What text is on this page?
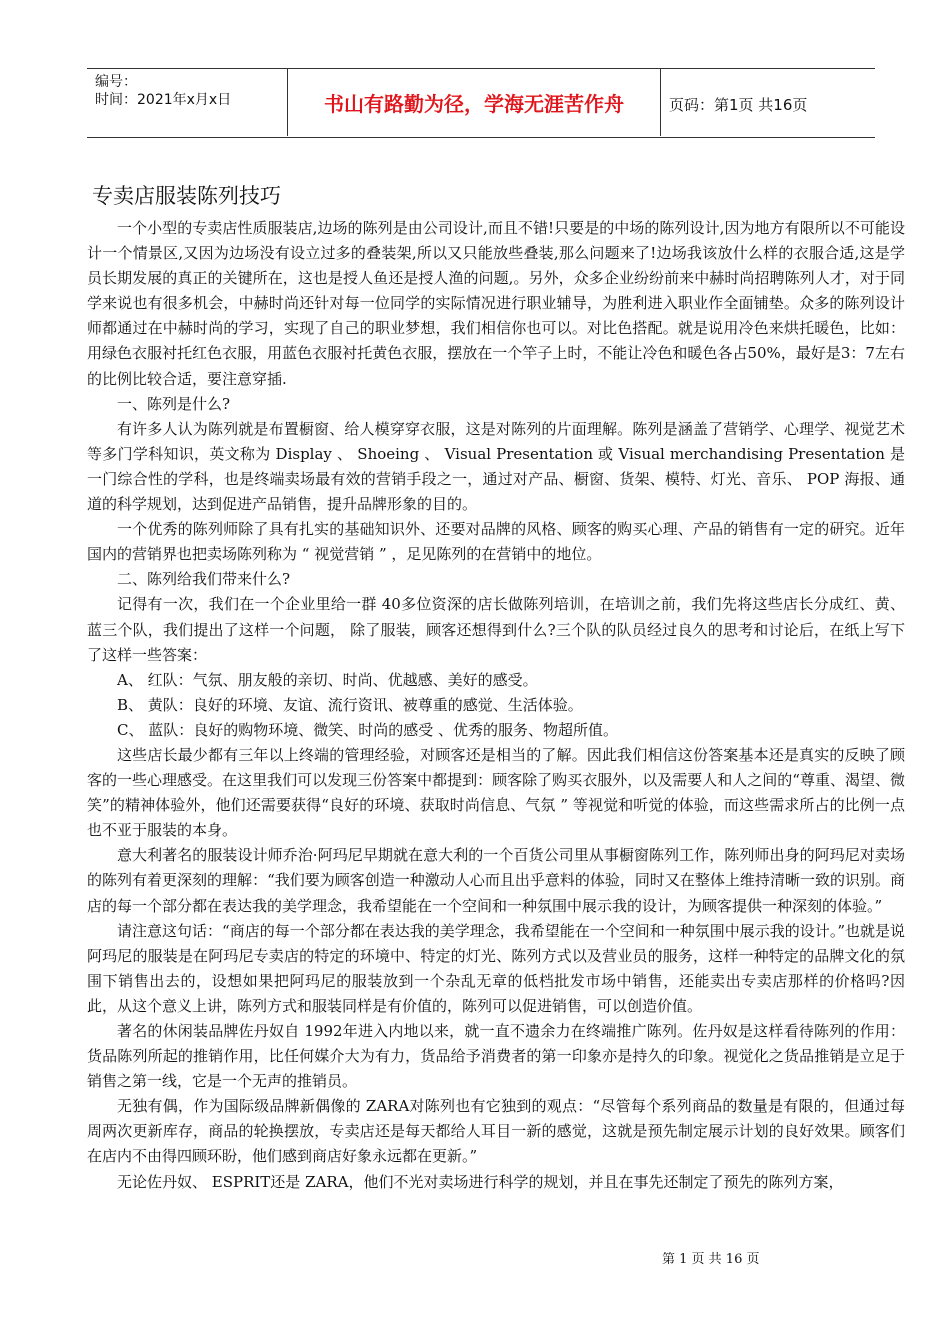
编号：
时间：2021年x月x日	书山有路勤为径，学海无涯苦作舟	页码：第1页 共16页
专卖店服装陈列技巧

一个小型的专卖店性质服装店,边场的陈列是由公司设计,而且不错!只要是的中场的陈列设计,因为地方有限所以不可能设计一个情景区,又因为边场没有设立过多的叠装架,所以又只能放些叠装,那么问题来了!边场我该放什么样的衣服合适,这是学员长期发展的真正的关键所在，这也是授人鱼还是授人渔的问题,。另外，众多企业纷纷前来中赫时尚招聘陈列人才，对于同学来说也有很多机会，中赫时尚还针对每一位同学的实际情况进行职业辅导，为胜利进入职业作全面铺垫。众多的陈列设计师都通过在中赫时尚的学习，实现了自己的职业梦想，我们相信你也可以。对比色搭配。就是说用冷色来烘托暖色，比如：用绿色衣服衬托红色衣服，用蓝色衣服衬托黄色衣服，摆放在一个竿子上时，不能让冷色和暖色各占50%，最好是3：7左右的比例比较合适，要注意穿插.

一、陈列是什么?

有许多人认为陈列就是布置橱窗、给人模穿穿衣服，这是对陈列的片面理解。陈列是涵盖了营销学、心理学、视觉艺术等多门学科知识，英文称为 Display 、 Shoeing 、 Visual Presentation 或 Visual merchandising Presentation 是一门综合性的学科，也是终端卖场最有效的营销手段之一，通过对产品、橱窗、货架、模特、灯光、音乐、 POP 海报、通道的科学规划，达到促进产品销售，提升品牌形象的目的。

一个优秀的陈列师除了具有扎实的基础知识外、还要对品牌的风格、顾客的购买心理、产品的销售有一定的研究。近年国内的营销界也把卖场陈列称为 “ 视觉营销 ” ，足见陈列的在营销中的地位。

二、陈列给我们带来什么?

记得有一次，我们在一个企业里给一群 40多位资深的店长做陈列培训，在培训之前，我们先将这些店长分成红、黄、蓝三个队，我们提出了这样一个问题， 除了服装，顾客还想得到什么?三个队的队员经过良久的思考和讨论后，在纸上写下了这样一些答案：

A、 红队：气氛、朋友般的亲切、时尚、优越感、美好的感受。

B、 黄队：良好的环境、友谊、流行资讯、被尊重的感觉、生活体验。

C、 蓝队：良好的购物环境、微笑、时尚的感受 、优秀的服务、物超所值。

这些店长最少都有三年以上终端的管理经验，对顾客还是相当的了解。因此我们相信这份答案基本还是真实的反映了顾客的一些心理感受。在这里我们可以发现三份答案中都提到：顾客除了购买衣服外，以及需要人和人之间的“尊重、渴望、微笑”的精神体验外，他们还需要获得“良好的环境、获取时尚信息、气氛 ” 等视觉和听觉的体验，而这些需求所占的比例一点也不亚于服装的本身。

意大利著名的服装设计师乔治·阿玛尼早期就在意大利的一个百货公司里从事橱窗陈列工作，陈列师出身的阿玛尼对卖场的陈列有着更深刻的理解：“我们要为顾客创造一种激动人心而且出乎意料的体验，同时又在整体上维持清晰一致的识别。商店的每一个部分都在表达我的美学理念，我希望能在一个空间和一种氛围中展示我的设计，为顾客提供一种深刻的体验。”

请注意这句话：“商店的每一个部分都在表达我的美学理念，我希望能在一个空间和一种氛围中展示我的设计。”也就是说阿玛尼的服装是在阿玛尼专卖店的特定的环境中、特定的灯光、陈列方式以及营业员的服务，这样一种特定的品牌文化的氛围下销售出去的，设想如果把阿玛尼的服装放到一个杂乱无章的低档批发市场中销售，还能卖出专卖店那样的价格吗?因此，从这个意义上讲，陈列方式和服装同样是有价值的，陈列可以促进销售，可以创造价值。

著名的休闲装品牌佐丹奴自 1992年进入内地以来，就一直不遗余力在终端推广陈列。佐丹奴是这样看待陈列的作用：货品陈列所起的推销作用，比任何媒介大为有力，货品给予消费者的第一印象亦是持久的印象。视觉化之货品推销是立足于销售之第一线，它是一个无声的推销员。

无独有偶，作为国际级品牌新偶像的 ZARA对陈列也有它独到的观点：“尽管每个系列商品的数量是有限的，但通过每周两次更新库存，商品的轮换摆放，专卖店还是每天都给人耳目一新的感觉，这就是预先制定展示计划的良好效果。顾客们在店内不由得四顾环盼，他们感到商店好象永远都在更新。”

无论佐丹奴、 ESPRIT还是 ZARA，他们不光对卖场进行科学的规划，并且在事先还制定了预先的陈列方案，

第 1 页 共 16 页
